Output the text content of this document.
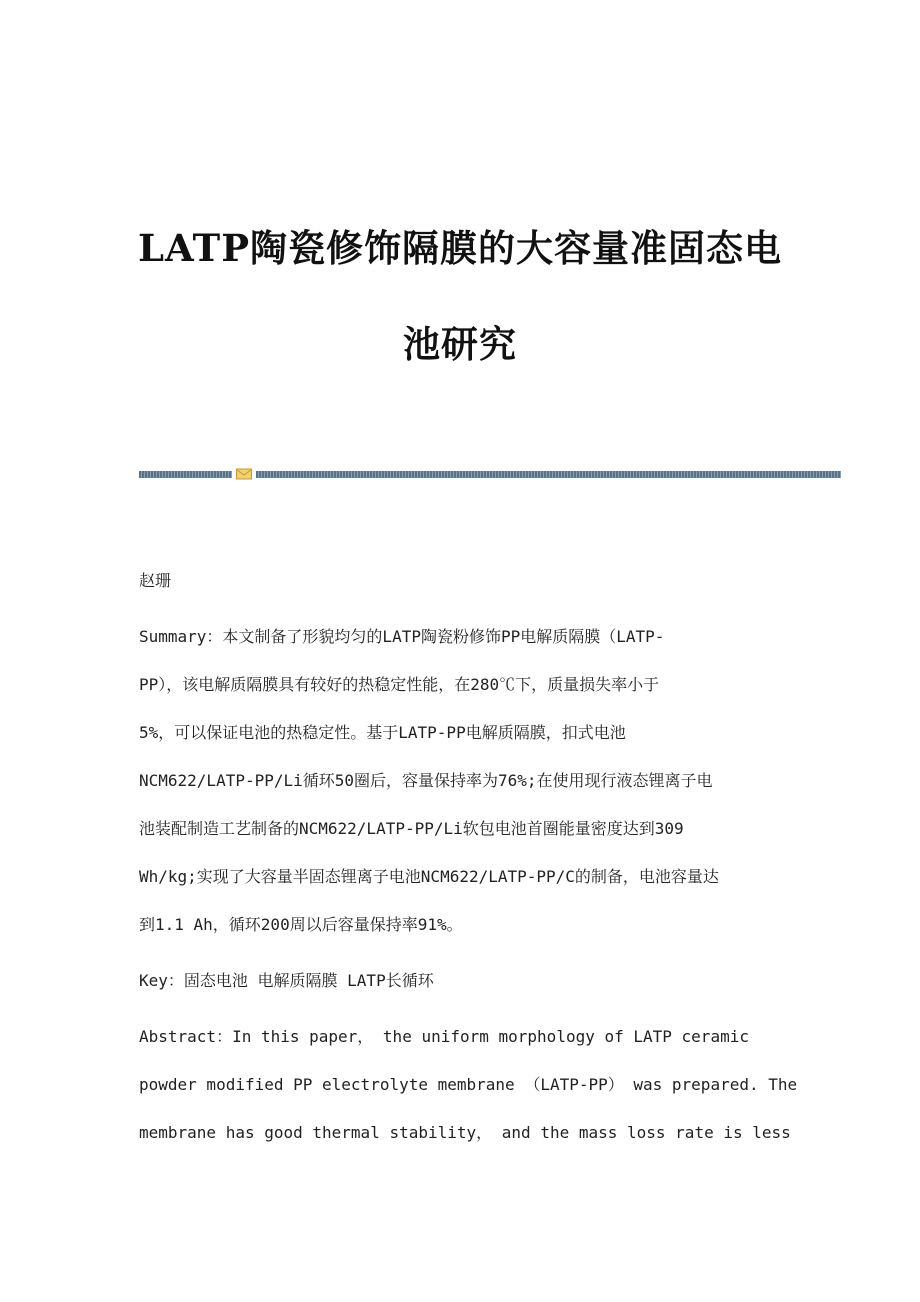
LATP陶瓷修饰隔膜的大容量准固态电
池研究
赵珊
Summary：本文制备了形貌均匀的LATP陶瓷粉修饰PP电解质隔膜（LATP-
PP），该电解质隔膜具有较好的热稳定性能，在280℃下，质量损失率小于
5%，可以保证电池的热稳定性。基于LATP-PP电解质隔膜，扣式电池
NCM622/LATP-PP/Li循环50圈后，容量保持率为76%;在使用现行液态锂离子电
池装配制造工艺制备的NCM622/LATP-PP/Li软包电池首圈能量密度达到309
Wh/kg;实现了大容量半固态锂离子电池NCM622/LATP-PP/C的制备，电池容量达
到1.1 Ah，循环200周以后容量保持率91%。
Key：固态电池 电解质隔膜 LATP长循环
Abstract：In this paper， the uniform morphology of LATP ceramic
powder modified PP electrolyte membrane （LATP-PP） was prepared. The
membrane has good thermal stability， and the mass loss rate is less
